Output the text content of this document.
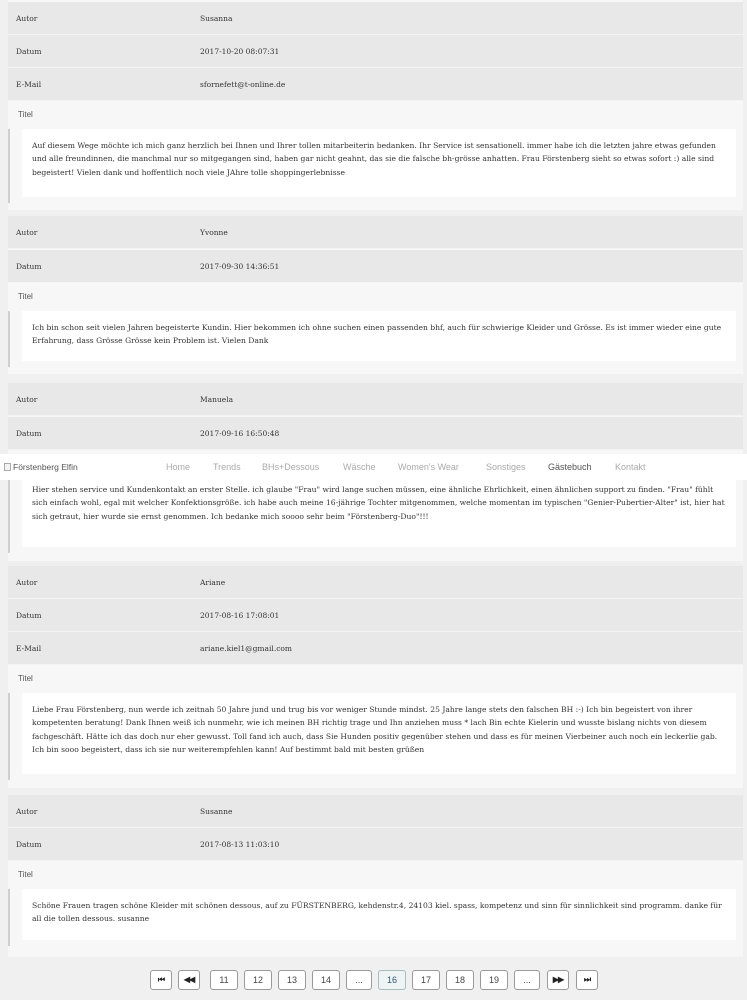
Autor	Susanna
Datum	2017-10-20 08:07:31
E-Mail	sfornefett@t-online.de
Titel
Auf diesem Wege möchte ich mich ganz herzlich bei Ihnen und Ihrer tollen mitarbeiterin bedanken. Ihr Service ist sensationell. immer habe ich die letzten jahre etwas gefunden und alle freundinnen, die manchmal nur so mitgegangen sind, haben gar nicht geahnt, das sie die falsche bh-grösse anhatten. Frau Förstenberg sieht so etwas sofort :) alle sind begeistert! Vielen dank und hoffentlich noch viele JAhre tolle shoppingerlebnisse
Autor	Yvonne
Datum	2017-09-30 14:36:51
Titel
Ich bin schon seit vielen Jahren begeisterte Kundin. Hier bekommen ich ohne suchen einen passenden bhf, auch für schwierige Kleider und Grösse. Es ist immer wieder eine gute Erfahrung, dass Grösse Grösse kein Problem ist. Vielen Dank
Autor	Manuela
Datum	2017-09-16 16:50:48
Hier stehen service und Kundenkontakt an erster Stelle. ich glaube "Frau" wird lange suchen müssen, eine ähnliche Ehrlichkeit, einen ähnlichen support zu finden. "Frau" fühlt sich einfach wohl, egal mit welcher Konfektionsgröße. ich habe auch meine 16-jährige Tochter mitgenommen, welche momentan im typischen "Genier-Pubertier-Alter" ist, hier hat sich getraut, hier wurde sie ernst genommen. Ich bedanke mich soooo sehr beim "Förstenberg-Duo"!!!
Autor	Ariane
Datum	2017-08-16 17:08:01
E-Mail	ariane.kiel1@gmail.com
Titel
Liebe Frau Förstenberg, nun werde ich zeitnah 50 Jahre jund und trug bis vor weniger Stunde mindst. 25 Jahre lange stets den falschen BH :-) Ich bin begeistert von ihrer kompetenten beratung! Dank Ihnen weiß ich nunmehr, wie ich meinen BH richtig trage und Ihn anziehen muss * lach Bin echte Kielerin und wusste bislang nichts von diesem fachgeschäft. Hätte ich das doch nur eher gewusst. Toll fand ich auch, dass Sie Hunden positiv gegenüber stehen und dass es für meinen Vierbeiner auch noch ein leckerlie gab. Ich bin sooo begeistert, dass ich sie nur weiterempfehlen kann! Auf bestimmt bald mit besten grüßen
Autor	Susanne
Datum	2017-08-13 11:03:10
Titel
Schöne Frauen tragen schöne Kleider mit schönen dessous, auf zu FÜRSTENBERG, kehdenstr.4, 24103 kiel. spass, kompetenz und sinn für sinnlichkeit sind programm. danke für all die tollen dessous. susanne
Förstenberg Elfin	Home	Trends BHs+Dessous	Wäsche Women's Wear	Sonstiges Gästebuch	Kontakt
⏮	◀◀	11	12	13	14	...	16	17	18	19	...	▶▶	⏭
